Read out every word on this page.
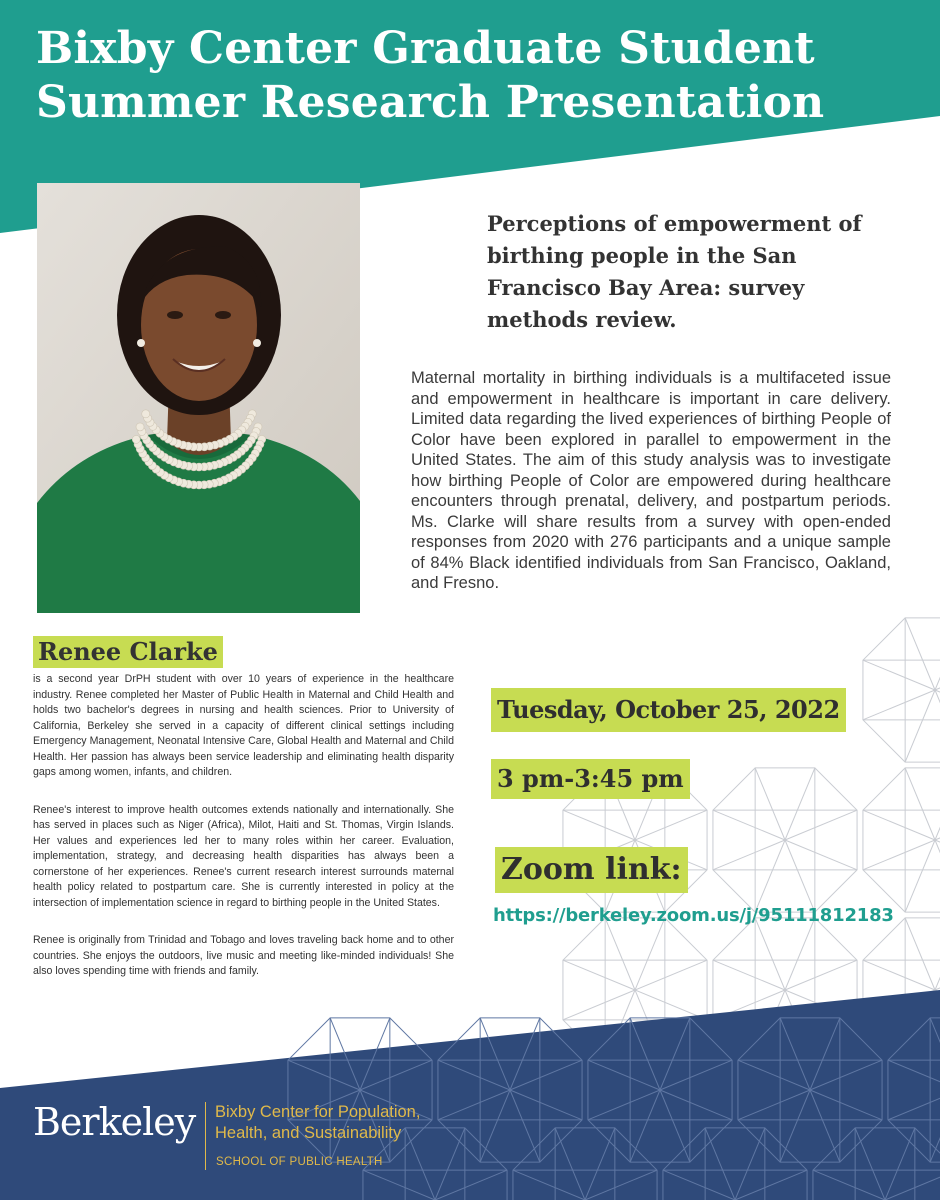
Bixby Center Graduate Student
Summer Research Presentation
Perceptions of empowerment of birthing people in the San Francisco Bay Area: survey methods review.

Maternal mortality in birthing individuals is a multifaceted issue and empowerment in healthcare is important in care delivery. Limited data regarding the lived experiences of birthing People of Color have been explored in parallel to empowerment in the United States. The aim of this study analysis was to investigate how birthing People of Color are empowered during healthcare encounters through prenatal, delivery, and postpartum periods. Ms. Clarke will share results from a survey with open-ended responses from 2020 with 276 participants and a unique sample of 84% Black identified individuals from San Francisco, Oakland, and Fresno.

Renee Clarke

is a second year DrPH student with over 10 years of experience in the healthcare industry. Renee completed her Master of Public Health in Maternal and Child Health and holds two bachelor's degrees in nursing and health sciences. Prior to University of California, Berkeley she served in a capacity of different clinical settings including Emergency Management, Neonatal Intensive Care, Global Health and Maternal and Child Health. Her passion has always been service leadership and eliminating health disparity gaps among women, infants, and children.

Renee's interest to improve health outcomes extends nationally and internationally. She has served in places such as Niger (Africa), Milot, Haiti and St. Thomas, Virgin Islands. Her values and experiences led her to many roles within her career. Evaluation, implementation, strategy, and decreasing health disparities has always been a cornerstone of her experiences. Renee's current research interest surrounds maternal health policy related to postpartum care. She is currently interested in policy at the intersection of implementation science in regard to birthing people in the United States.

Renee is originally from Trinidad and Tobago and loves traveling back home and to other countries. She enjoys the outdoors, live music and meeting like-minded individuals! She also loves spending time with friends and family.

Tuesday, October 25, 2022
3 pm-3:45 pm
Zoom link:
https://berkeley.zoom.us/j/95111812183
Berkeley Bixby Center for Population,
Health, and Sustainability

SCHOOL OF PUBLIC HEALTH
